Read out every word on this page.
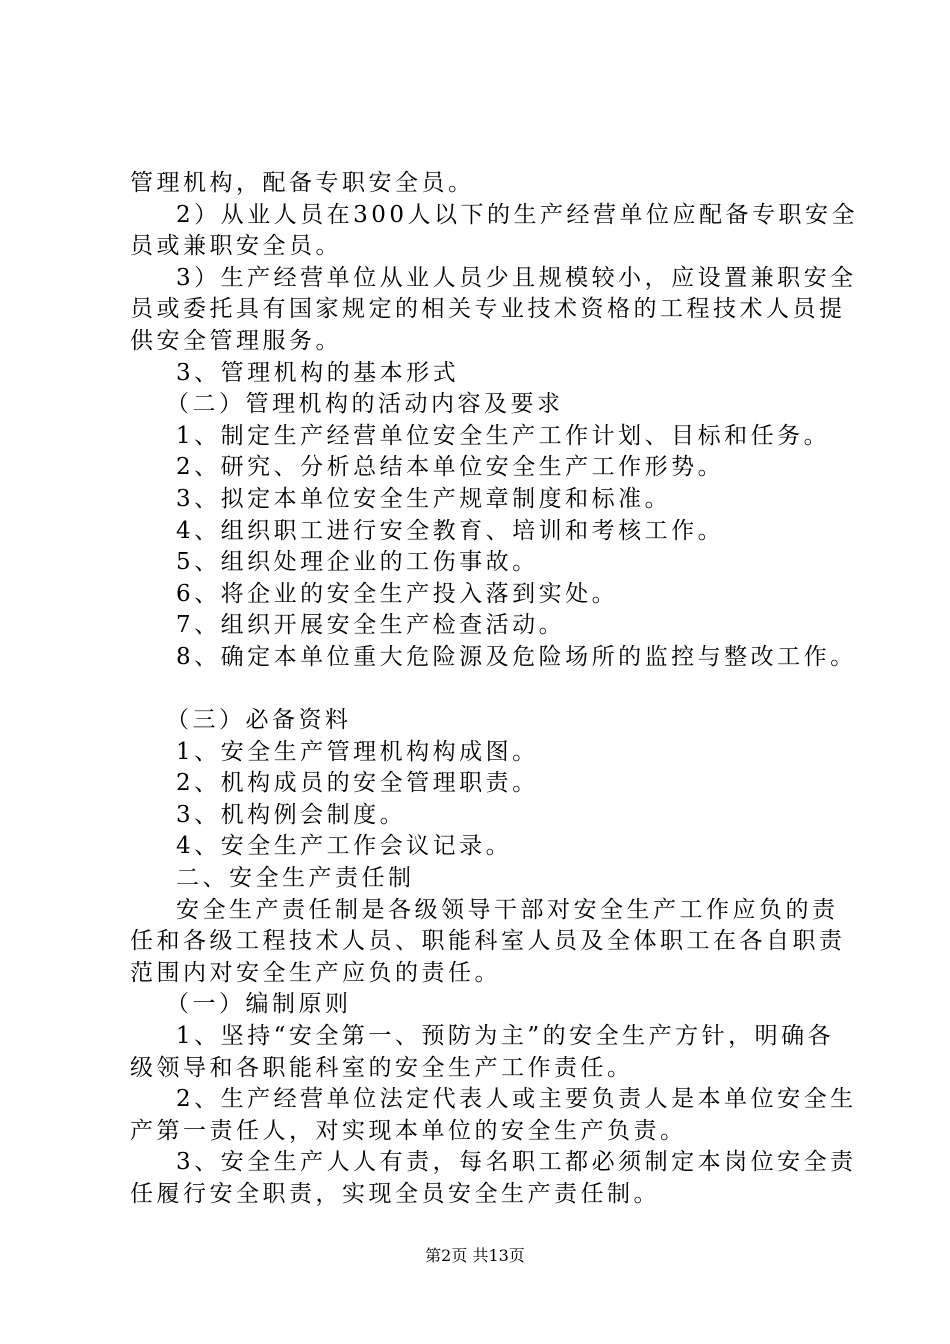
管理机构，配备专职安全员。
2）从业人员在300人以下的生产经营单位应配备专职安全
员或兼职安全员。
3）生产经营单位从业人员少且规模较小，应设置兼职安全
员或委托具有国家规定的相关专业技术资格的工程技术人员提
供安全管理服务。
3、管理机构的基本形式
（二）管理机构的活动内容及要求
1、制定生产经营单位安全生产工作计划、目标和任务。
2、研究、分析总结本单位安全生产工作形势。
3、拟定本单位安全生产规章制度和标准。
4、组织职工进行安全教育、培训和考核工作。
5、组织处理企业的工伤事故。
6、将企业的安全生产投入落到实处。
7、组织开展安全生产检查活动。
8、确定本单位重大危险源及危险场所的监控与整改工作。
（三）必备资料
1、安全生产管理机构构成图。
2、机构成员的安全管理职责。
3、机构例会制度。
4、安全生产工作会议记录。
二、安全生产责任制
安全生产责任制是各级领导干部对安全生产工作应负的责
任和各级工程技术人员、职能科室人员及全体职工在各自职责
范围内对安全生产应负的责任。
（一）编制原则
1、坚持“安全第一、预防为主”的安全生产方针，明确各
级领导和各职能科室的安全生产工作责任。
2、生产经营单位法定代表人或主要负责人是本单位安全生
产第一责任人，对实现本单位的安全生产负责。
3、安全生产人人有责，每名职工都必须制定本岗位安全责
任履行安全职责，实现全员安全生产责任制。
第2页 共13页
